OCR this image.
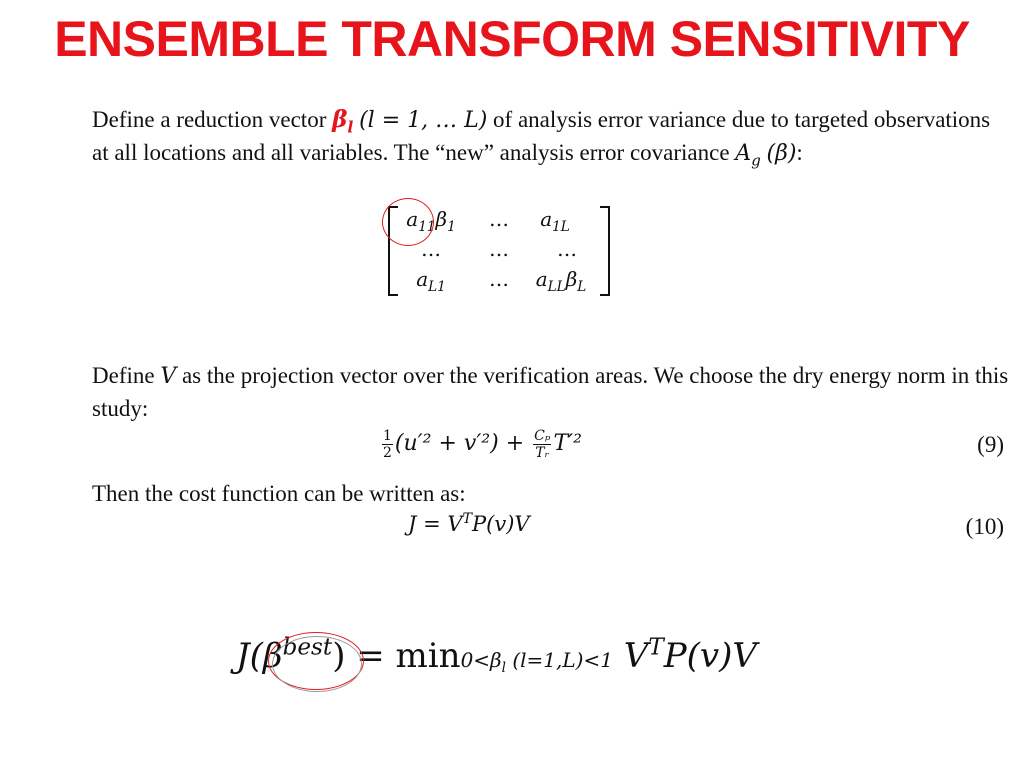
ENSEMBLE TRANSFORM SENSITIVITY
Define a reduction vector $\beta_l$ (l = 1, … L) of analysis error variance due to targeted observations at all locations and all variables. The “new” analysis error covariance $A_g$ (β):
$a_{11}\beta_1$	…	$a_{1L}$
…	…	…
$a_{L1}$	…	$a_{LL}\beta_L$
Define V as the projection vector over the verification areas. We choose the dry energy norm in this study:
$\frac{1}{2} (u'^2 + v'^2) + \frac{\text{Cₚ}}{\text{Tᵣ}} T'^2$	(9)
Then the cost function can be written as:
$J = V^TP(v)V$	(10)
$J(\beta^{best}) = \min 0<\beta_l$ (l=1,L)<1 $V^TP(v)V$
